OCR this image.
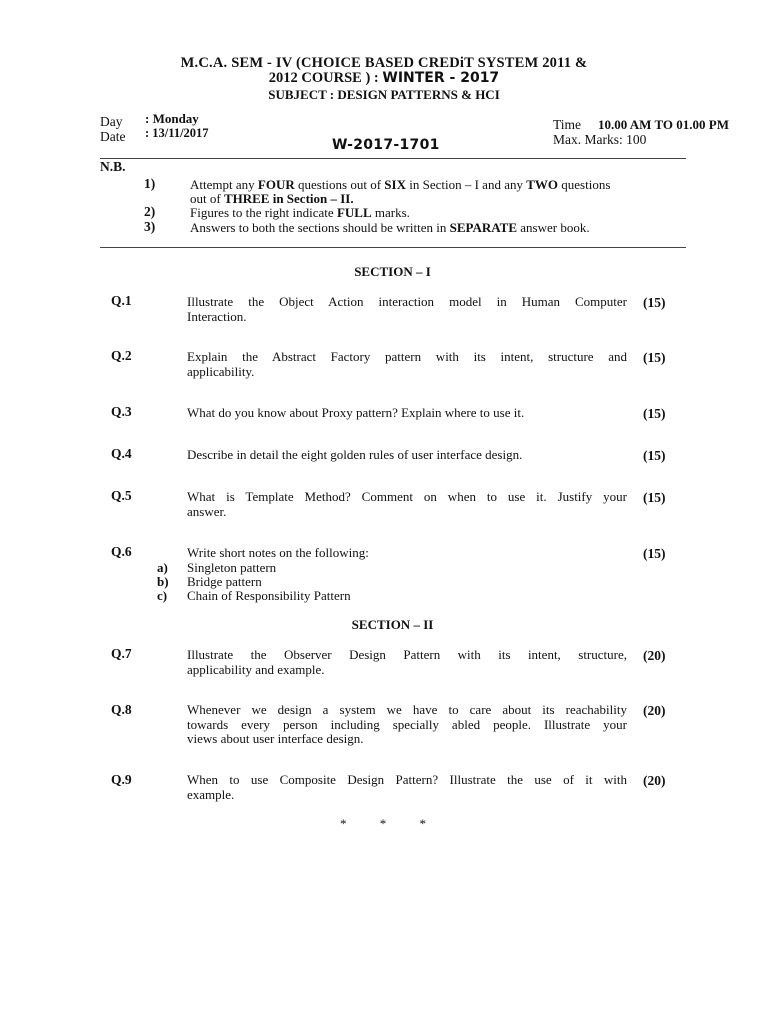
M.C.A. SEM - IV (CHOICE BASED CREDiT SYSTEM 2011 &
2012 COURSE ) : WINTER - 2017
SUBJECT : DESIGN PATTERNS & HCI
Day : Monday
Date : 13/11/2017
W-2017-1701
Time 10.00 AM TO 01.00 PM
Max. Marks: 100
N.B.
1)	Attempt any FOUR questions out of SIX in Section – I and any TWO questions
out of THREE in Section – II.
2)	Figures to the right indicate FULL marks.
3)	Answers to both the sections should be written in SEPARATE answer book.
SECTION – I
Q.1	Illustrate the Object Action interaction model in Human Computer
Interaction.
(15)
Q.2	Explain the Abstract Factory pattern with its intent, structure and
applicability.
(15)
Q.3	What do you know about Proxy pattern? Explain where to use it.	(15)
Q.4	Describe in detail the eight golden rules of user interface design.	(15)
Q.5	What is Template Method? Comment on when to use it. Justify your
answer.
(15)
Q.6	Write short notes on the following:	(15)
a) Singleton pattern
b) Bridge pattern
c) Chain of Responsibility Pattern
SECTION – II
Q.7	Illustrate the Observer Design Pattern with its intent, structure,
applicability and example.
(20)
Q.8	Whenever we design a system we have to care about its reachability
towards every person including specially abled people. Illustrate your
views about user interface design.
(20)
Q.9	When to use Composite Design Pattern? Illustrate the use of it with
example.
(20)
* * *
